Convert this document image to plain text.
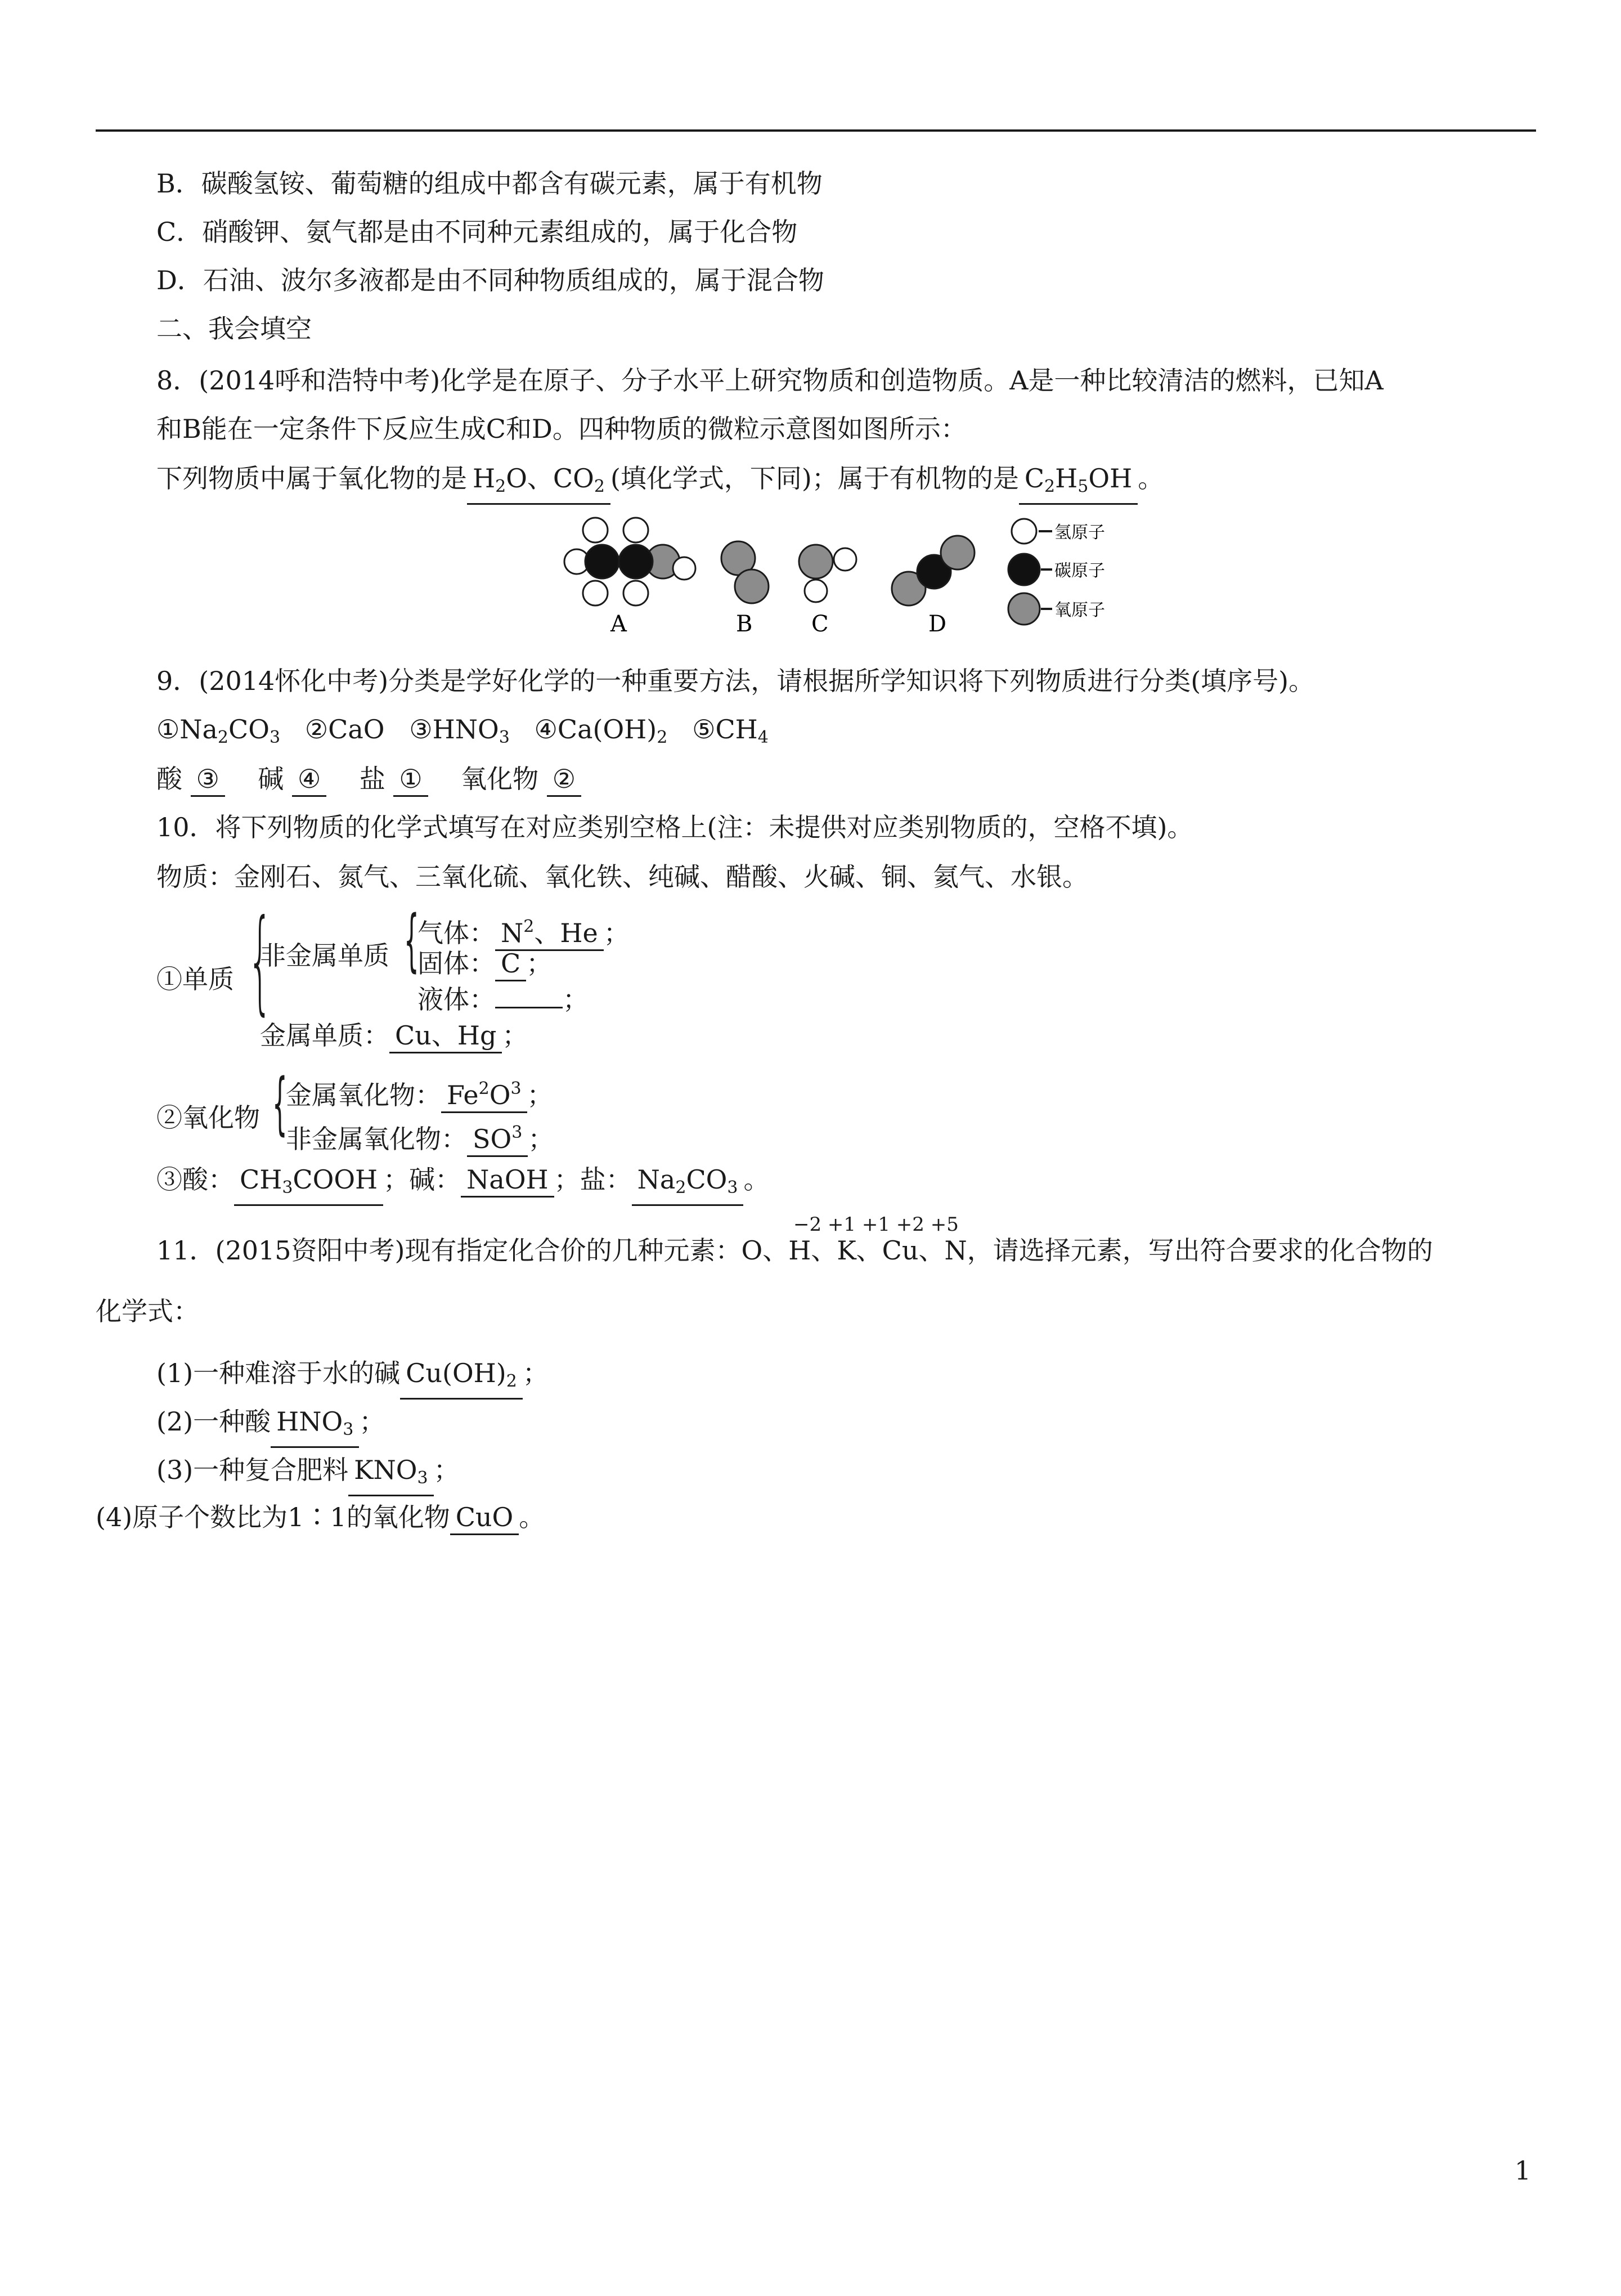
B．碳酸氢铵、葡萄糖的组成中都含有碳元素，属于有机物
C．硝酸钾、氨气都是由不同种元素组成的，属于化合物
D．石油、波尔多液都是由不同种物质组成的，属于混合物
二、我会填空
8．(2014呼和浩特中考)化学是在原子、分子水平上研究物质和创造物质。A是一种比较清洁的燃料，已知A
和B能在一定条件下反应生成C和D。四种物质的微粒示意图如图所示：
下列物质中属于氧化物的是 $H_2O$、$CO_2$ (填化学式，下同)；属于有机物的是 $C_2H_5OH$ 。
A	B	C	D
氢原子
碳原子
氧原子
9．(2014怀化中考)分类是学好化学的一种重要方法，请根据所学知识将下列物质进行分类(填序号)。
$①Na_2CO_3$ ②CaO $③HNO_3$ $④Ca(OH)_2$ $⑤CH_4$
酸 ③ 碱 ④ 盐 ① 氧化物 ②
10．将下列物质的化学式填写在对应类别空格上(注：未提供对应类别物质的，空格不填)。
物质：金刚石、氮气、三氧化硫、氧化铁、纯碱、醋酸、火碱、铜、氦气、水银。
①单质 {
非金属单质 {
气体： $N^2$、He ；
固体： C ；
液体：	；
金属单质： Cu、Hg ；
②氧化物 {
金属氧化物： $Fe^2O^3$ ；
非金属氧化物： $SO^3$ ；
③酸： $CH_3COOH$ ；碱： NaOH ；盐： $Na_2CO_3$ 。
−2 +1 +1 +2 +5
11．(2015资阳中考)现有指定化合价的几种元素：O、H、K、Cu、N，请选择元素，写出符合要求的化合物的
化学式：
(1)一种难溶于水的碱 $Cu(OH)_2$ ；
(2)一种酸 $HNO_3$ ；
(3)一种复合肥料 $KNO_3$ ；
(4)原子个数比为1∶1的氧化物 CuO 。
1
